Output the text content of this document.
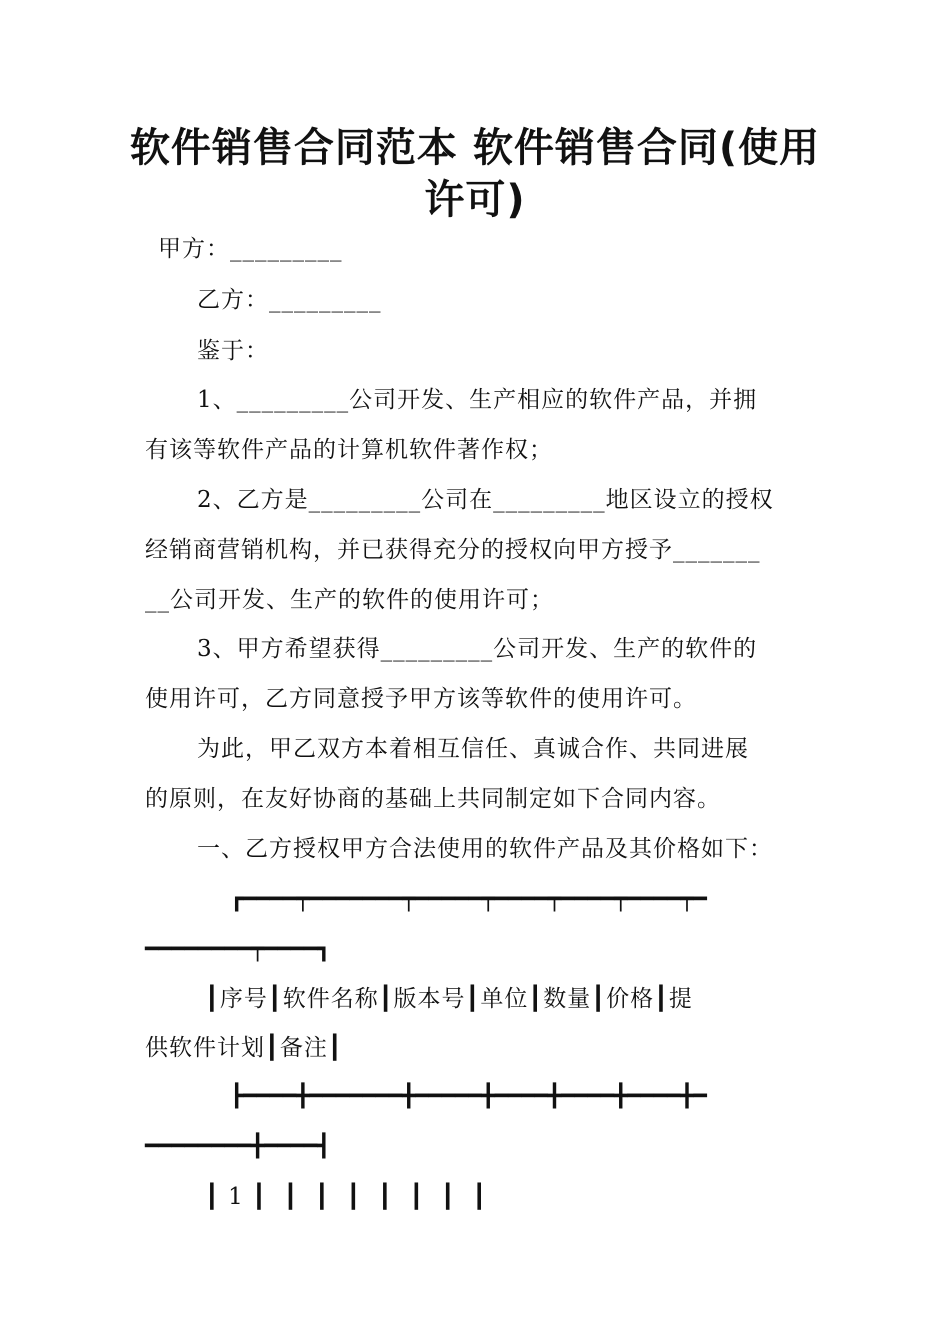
软件销售合同范本 软件销售合同(使用
许可)
甲方：_________
乙方：_________
鉴于：
1、_________公司开发、生产相应的软件产品，并拥
有该等软件产品的计算机软件著作权；
2、乙方是_________公司在_________地区设立的授权
经销商营销机构，并已获得充分的授权向甲方授予_______
__公司开发、生产的软件的使用许可；
3、甲方希望获得_________公司开发、生产的软件的
使用许可，乙方同意授予甲方该等软件的使用许可。
为此，甲乙双方本着相互信任、真诚合作、共同进展
的原则，在友好协商的基础上共同制定如下合同内容。
一、乙方授权甲方合法使用的软件产品及其价格如下：
┏━━━━┯━━━━━━━┯━━━━━┯━━━━┯━━━━┯━━━━┯━
━━━━━━━━┯━━━━┓
┃序号┃软件名称┃版本号┃单位┃数量┃价格┃提
供软件计划┃备注┃
┣━━━━╋━━━━━━━╋━━━━━╋━━━━╋━━━━╋━━━━╋━
━━━━━━━━╋━━━━┫
┃ 1 ┃  ┃  ┃  ┃  ┃  ┃  ┃  ┃
